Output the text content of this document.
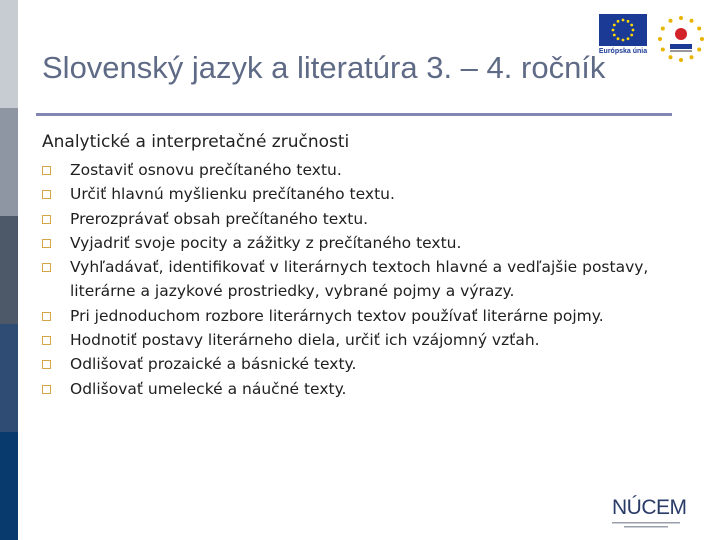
Slovenský jazyk a literatúra 3. – 4. ročník
Európska únia
Analytické a interpretačné zručnosti
Zostaviť osnovu prečítaného textu.
Určiť hlavnú myšlienku prečítaného textu.
Prerozprávať obsah prečítaného textu.
Vyjadriť svoje pocity a zážitky z prečítaného textu.
Vyhľadávať, identifikovať v literárnych textoch hlavné a vedľajšie postavy, literárne a jazykové prostriedky, vybrané pojmy a výrazy.
Pri jednoduchom rozbore literárnych textov používať literárne pojmy.
Hodnotiť postavy literárneho diela, určiť ich vzájomný vzťah.
Odlišovať prozaické a básnické texty.
Odlišovať umelecké a náučné texty.
NÚCEM
